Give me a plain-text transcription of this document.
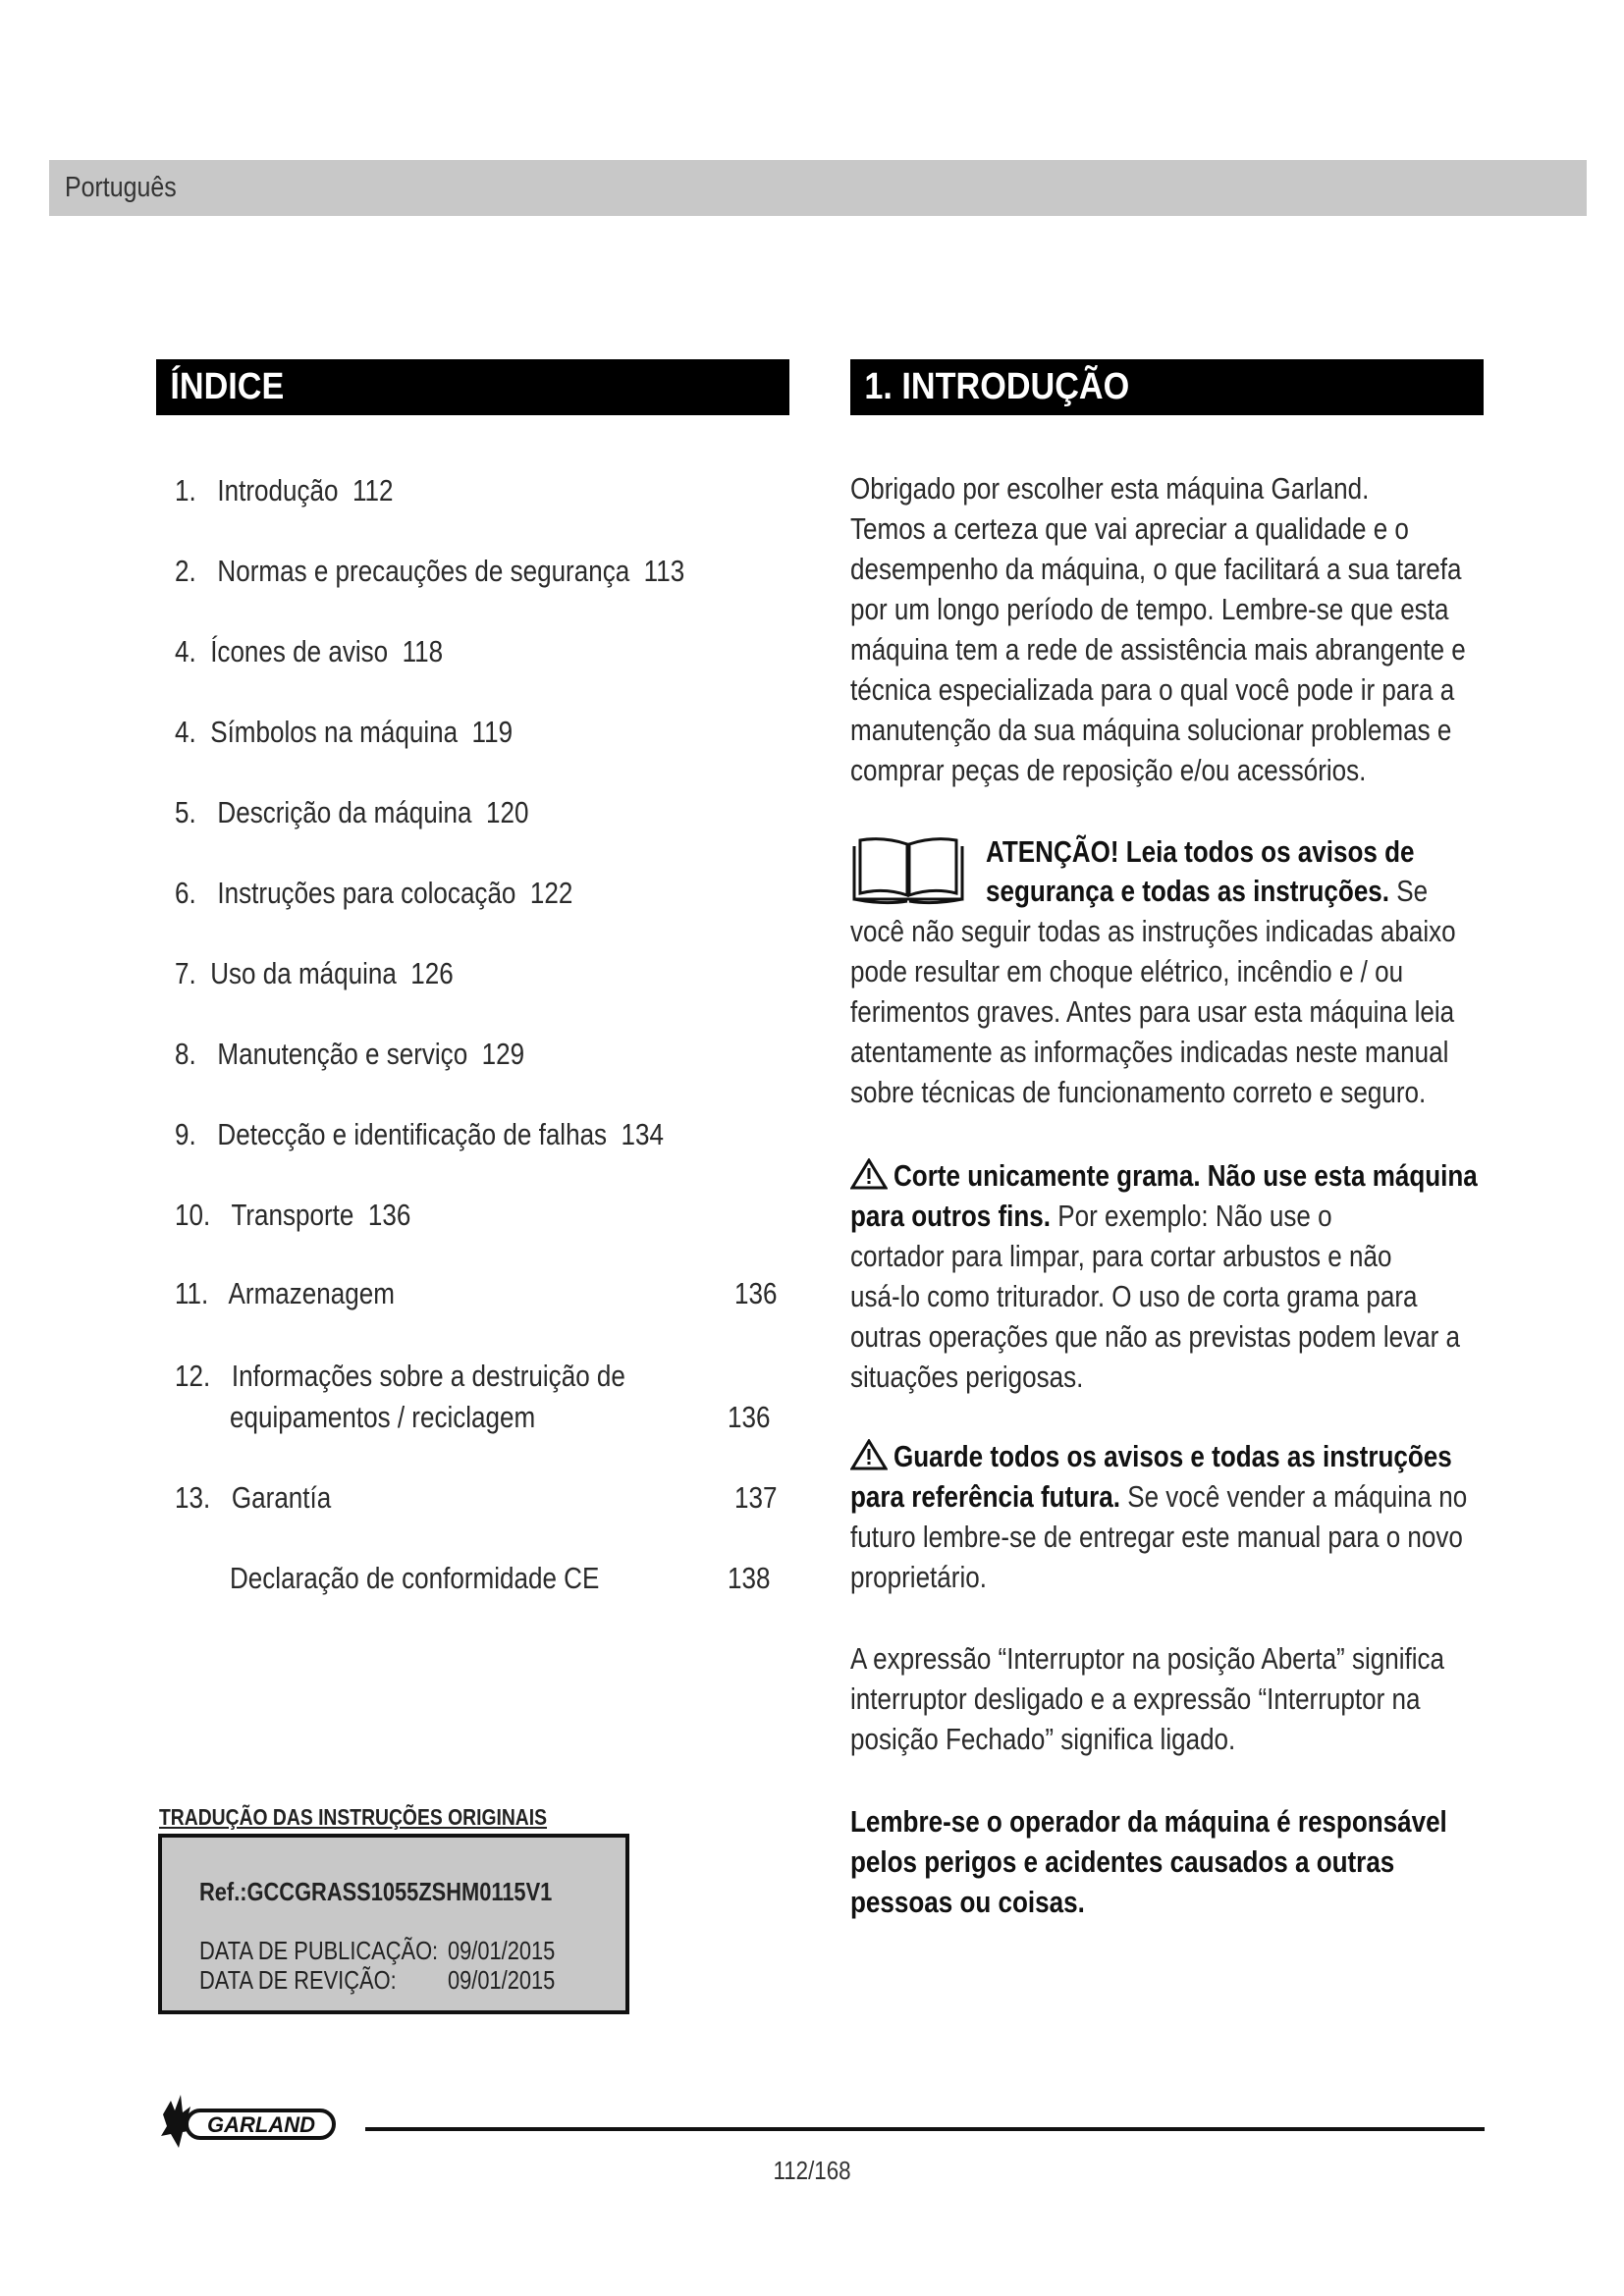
Português
ÍNDICE	1. INTRODUÇÃO
1. Introdução 112
2. Normas e precauções de segurança 113
4. Ícones de aviso 118
4. Símbolos na máquina 119
5. Descrição da máquina 120
6. Instruções para colocação 122
7. Uso da máquina 126
8. Manutenção e serviço 129
9. Detecção e identificação de falhas 134
10. Transporte 136
11. Armazenagem	136
12. Informações sobre a destruição de
equipamentos / reciclagem	136
13. Garantía	137
Declaração de conformidade CE	138
Obrigado por escolher esta máquina Garland.
Temos a certeza que vai apreciar a qualidade e o
desempenho da máquina, o que facilitará a sua tarefa
por um longo período de tempo. Lembre-se que esta
máquina tem a rede de assistência mais abrangente e
técnica especializada para o qual você pode ir para a
manutenção da sua máquina solucionar problemas e
comprar peças de reposição e/ou acessórios.
ATENÇÃO! Leia todos os avisos de
segurança e todas as instruções. Se
você não seguir todas as instruções indicadas abaixo
pode resultar em choque elétrico, incêndio e / ou
ferimentos graves. Antes para usar esta máquina leia
atentamente as informações indicadas neste manual
sobre técnicas de funcionamento correto e seguro.
Corte unicamente grama. Não use esta máquina
para outros fins. Por exemplo: Não use o
cortador para limpar, para cortar arbustos e não
usá-lo como triturador. O uso de corta grama para
outras operações que não as previstas podem levar a
situações perigosas.
Guarde todos os avisos e todas as instruções
para referência futura. Se você vender a máquina no
futuro lembre-se de entregar este manual para o novo
proprietário.
A expressão “Interruptor na posição Aberta” significa
interruptor desligado e a expressão “Interruptor na
posição Fechado” significa ligado.
Lembre-se o operador da máquina é responsável
pelos perigos e acidentes causados a outras
pessoas ou coisas.
TRADUÇÃO DAS INSTRUÇÕES ORIGINAIS
Ref.:GCCGRASS1055ZSHM0115V1
DATA DE PUBLICAÇÃO: 09/01/2015
DATA DE REVIÇÃO: 09/01/2015
GARLAND
112/168
